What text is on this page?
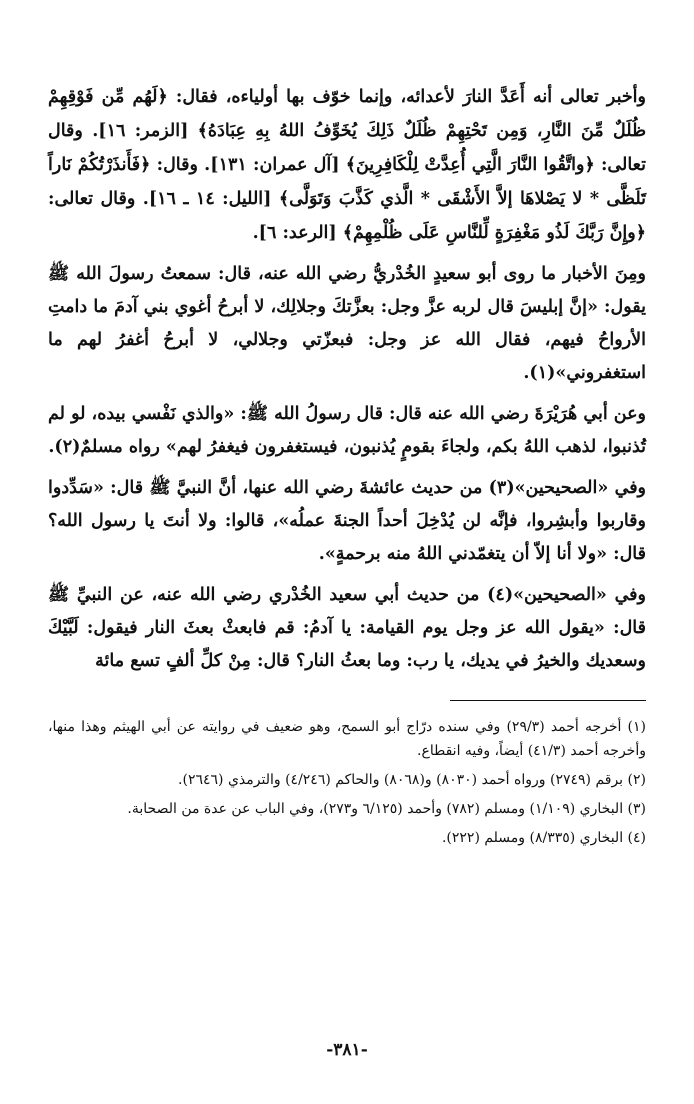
وأخبر تعالى أنه أَعَدَّ النارَ لأعدائه، وإنما خوّف بها أولياءه، فقال: ﴿لَهُم مِّن فَوْقِهِمْ ظُلَلٌ مِّنَ النَّارِ، وَمِن تَحْتِهِمْ ظُلَلٌ ذَلِكَ يُخَوِّفُ اللهُ بِهِ عِبَادَهُ﴾ [الزمر: ١٦]. وقال تعالى: ﴿واتَّقُوا النَّارَ الَّتِي أُعِدَّتْ لِلْكَافِرِينَ﴾ [آل عمران: ١٣١]. وقال: ﴿فَأَنذَرْتُكُمْ نَاراً تَلَظَّى * لا يَصْلاهَا إلاَّ الأَشْقَى * الَّذي كَذَّبَ وَتَوَلَّى﴾ [الليل: ١٤ ـ ١٦]. وقال تعالى: ﴿وإِنَّ رَبَّكَ لَذُو مَغْفِرَةٍ لِّلنَّاسِ عَلَى ظُلْمِهِمْ﴾ [الرعد: ٦].

ومِنَ الأخبار ما روى أبو سعيدٍ الخُدْريُّ رضي الله عنه، قال: سمعتُ رسولَ الله ﷺ يقول: «إنَّ إبليسَ قال لربه عزَّ وجل: بعزَّتكَ وجلالِك، لا أبرحُ أغوي بني آدمَ ما دامتِ الأرواحُ فيهم، فقال الله عز وجل: فبعزّتي وجلالي، لا أبرحُ أغفرُ لهم ما استغفروني»(١).

وعن أبي هُرَيْرَةَ رضي الله عنه قال: قال رسولُ الله ﷺ: «والذي نَفْسي بيده، لو لم تُذنبوا، لذهب اللهُ بكم، ولجاءَ بقومٍ يُذنبون، فيستغفرون فيغفرُ لهم» رواه مسلمٌ(٢).

وفي «الصحيحين»(٣) من حديث عائشةَ رضي الله عنها، أنَّ النبيَّ ﷺ قال: «سَدِّدوا وقاربوا وأبشِروا، فإنَّه لن يُدْخِلَ أحداً الجنةَ عملُه»، قالوا: ولا أنتَ يا رسول الله؟ قال: «ولا أنا إلاّ أن يتغمّدني اللهُ منه برحمةٍ».

وفي «الصحيحين»(٤) من حديث أبي سعيد الخُدْري رضي الله عنه، عن النبيِّ ﷺ قال: «يقول الله عز وجل يوم القيامة: يا آدمُ: قم فابعثْ بعثَ النار فيقول: لَبَّيْكَ وسعديك والخيرُ في يديك، يا رب: وما بعثُ النار؟ قال: مِنْ كلِّ ألفٍ تسع مائة

(١) أخرجه أحمد (٢٩/٣) وفي سنده درّاج أبو السمح، وهو ضعيف في روايته عن أبي الهيثم وهذا منها، وأخرجه أحمد (٤١/٣) أيضاً، وفيه انقطاع.

(٢) برقم (٢٧٤٩) ورواه أحمد (٨٠٣٠) و(٨٠٦٨) والحاكم (٤/٢٤٦) والترمذي (٢٦٤٦).

(٣) البخاري (١/١٠٩) ومسلم (٧٨٢) وأحمد (٦/١٢٥ و٢٧٣)، وفي الباب عن عدة من الصحابة.

(٤) البخاري (٨/٣٣٥) ومسلم (٢٢٢).

-٣٨١-
